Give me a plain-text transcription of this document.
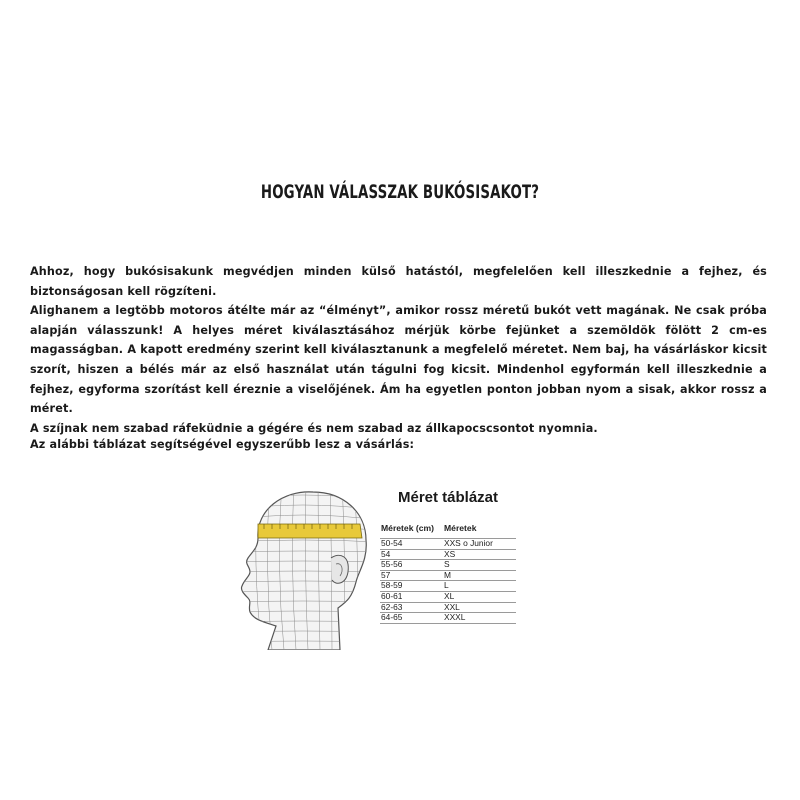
HOGYAN VÁLASSZAK BUKÓSISAKOT?

Ahhoz, hogy bukósisakunk megvédjen minden külső hatástól, megfelelően kell illeszkednie a fejhez, és biztonságosan kell rögzíteni.

Alighanem a legtöbb motoros átélte már az “élményt”, amikor rossz méretű bukót vett magának. Ne csak próba alapján válasszunk! A helyes méret kiválasztásához mérjük körbe fejünket a szemöldök fölött 2 cm-es magasságban. A kapott eredmény szerint kell kiválasztanunk a megfelelő méretet. Nem baj, ha vásárláskor kicsit szorít, hiszen a bélés már az első használat után tágulni fog kicsit. Mindenhol egyformán kell illeszkednie a fejhez, egyforma szorítást kell éreznie a viselőjének. Ám ha egyetlen ponton jobban nyom a sisak, akkor rossz a méret.

A szíjnak nem szabad ráfeküdnie a gégére és nem szabad az állkapocscsontot nyomnia.

Az alábbi táblázat segítségével egyszerűbb lesz a vásárlás:
Méret táblázat
Méretek (cm)	Méretek
50-54	XXS o Junior
54	XS
55-56	S
57	M
58-59	L
60-61	XL
62-63	XXL
64-65	XXXL
